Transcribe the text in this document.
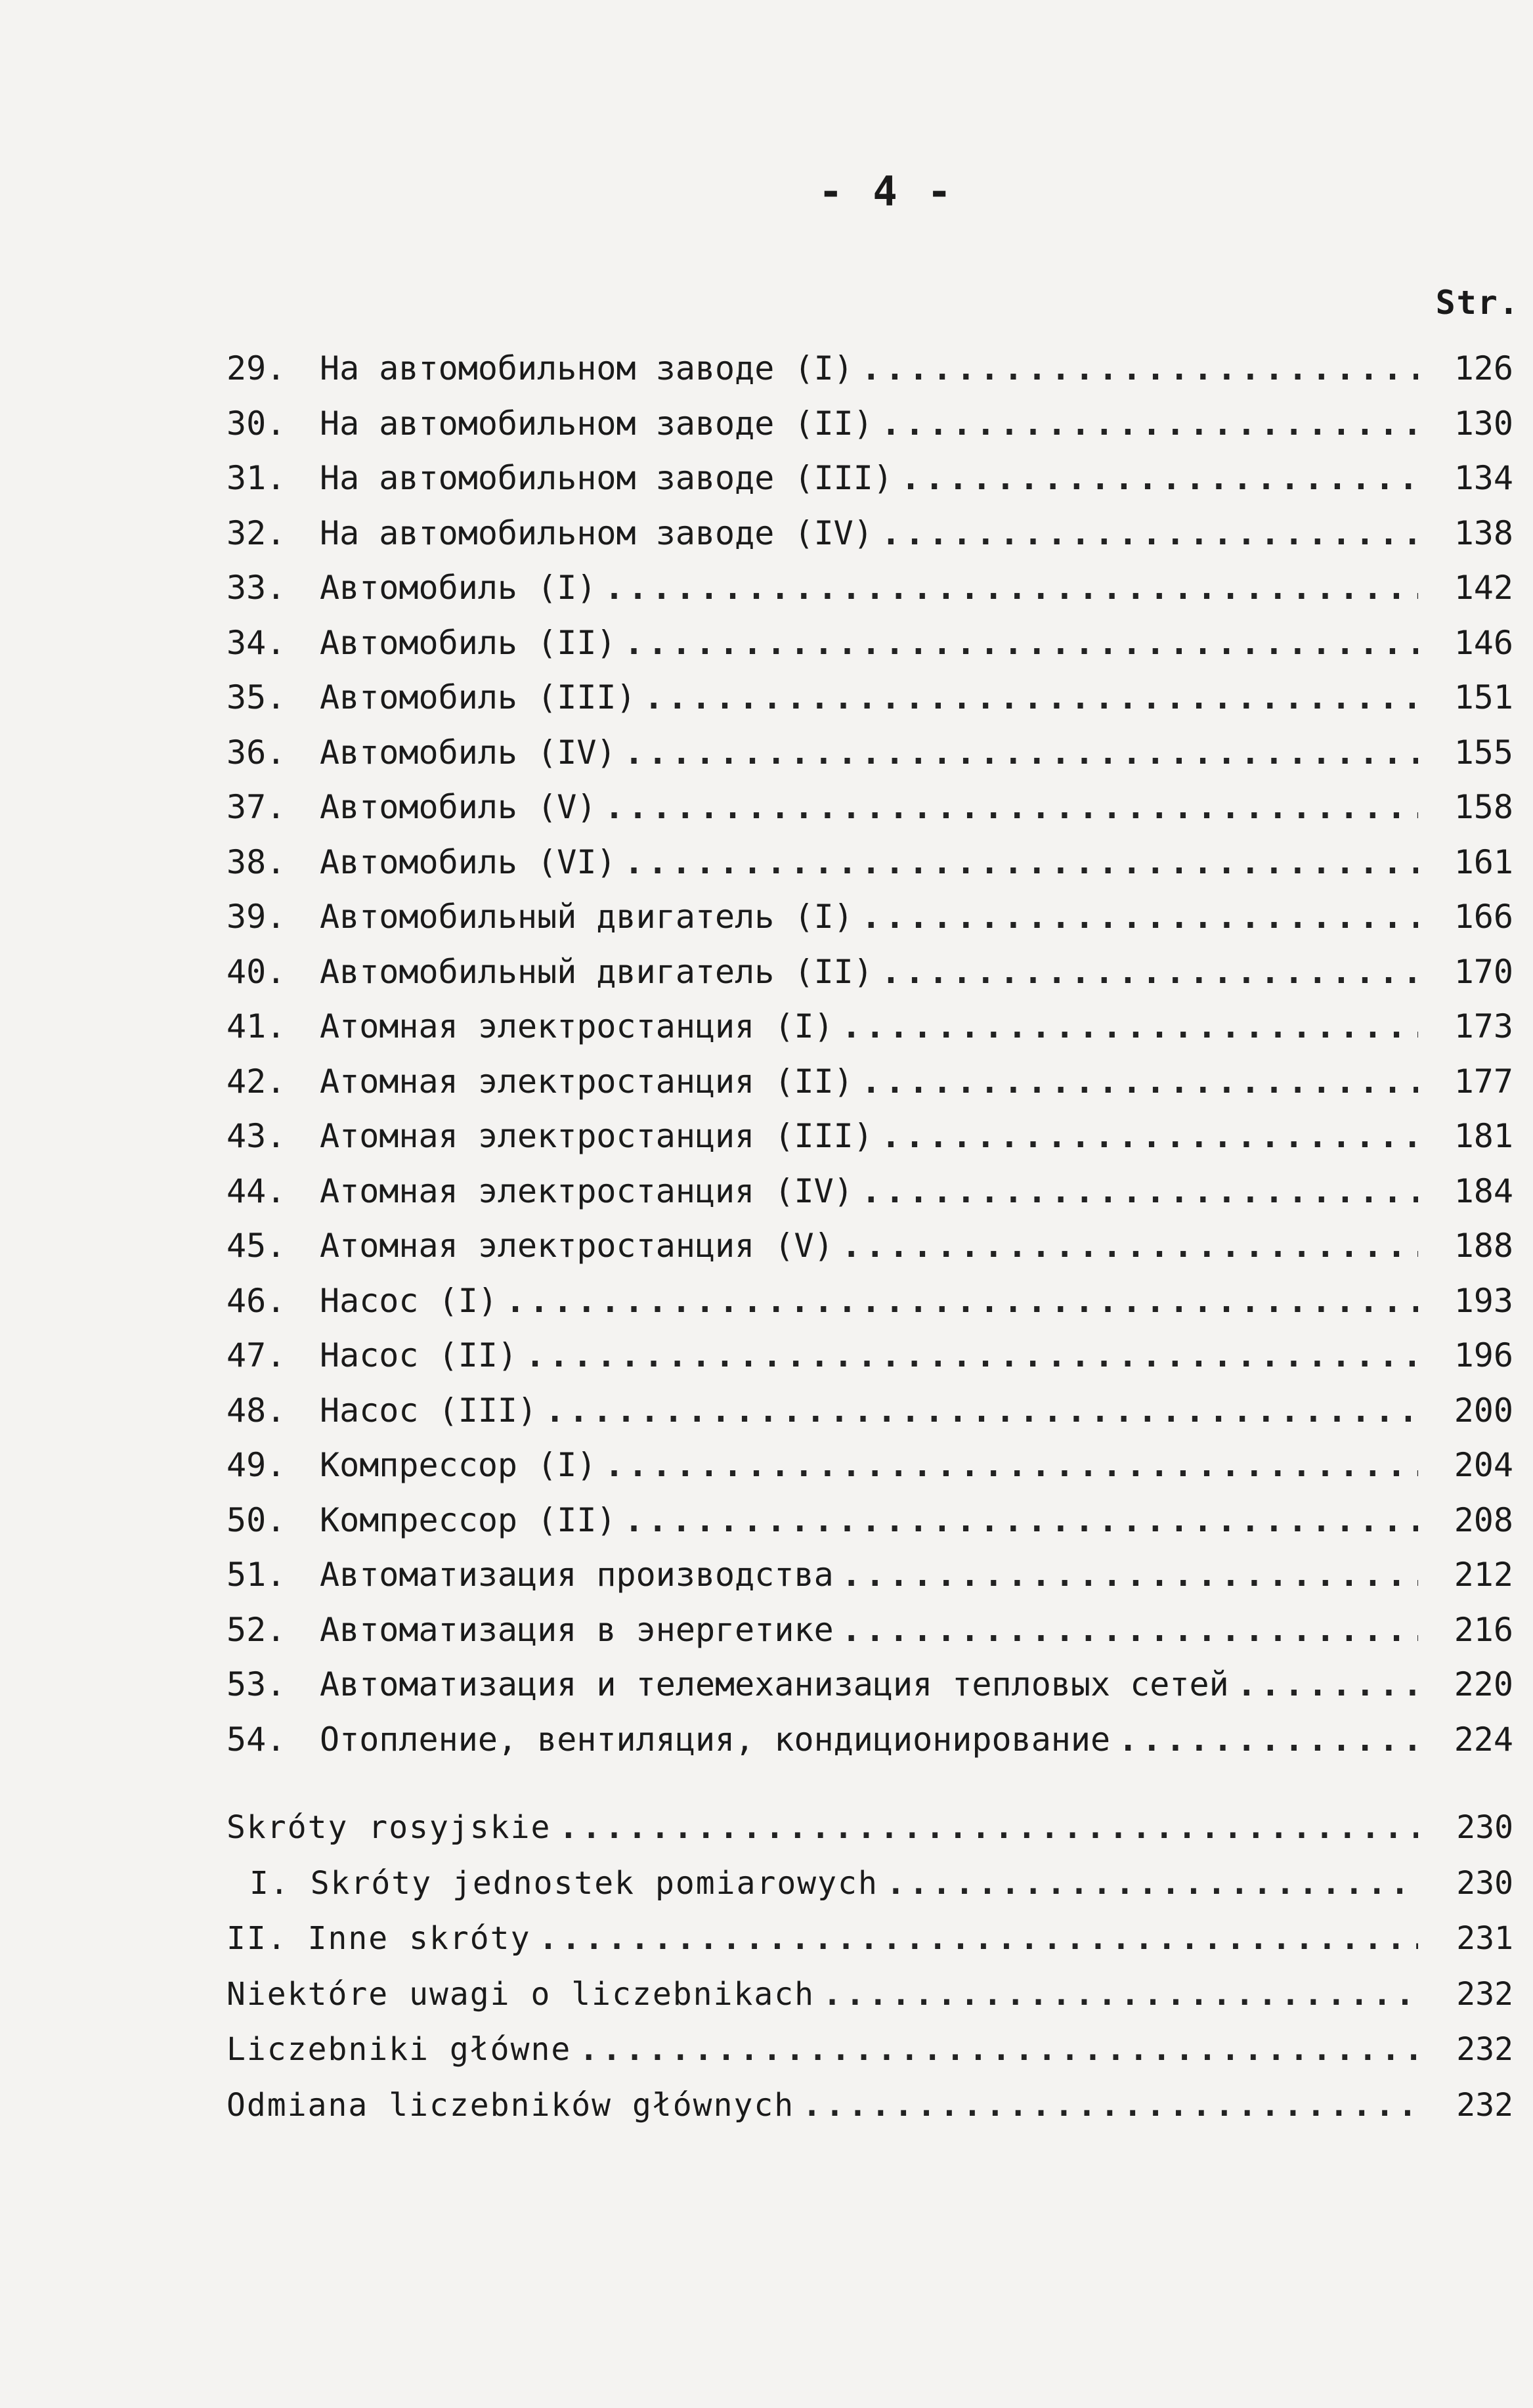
- 4 -
Str.
29.	На автомобильном заводе (I) .....	126
30.	На автомобильном заводе (II) .....	130
31.	На автомобильном заводе (III) .....	134
32.	На автомобильном заводе (IV) .....	138
33.	Автомобиль (I) .....	142
34.	Автомобиль (II) .....	146
35.	Автомобиль (III) .....	151
36.	Автомобиль (IV) .....	155
37.	Автомобиль (V) .....	158
38.	Автомобиль (VI) .....	161
39.	Автомобильный двигатель (I) .....	166
40.	Автомобильный двигатель (II) .....	170
41.	Атомная электростанция (I) .....	173
42.	Атомная электростанция (II) .....	177
43.	Атомная электростанция (III) .....	181
44.	Атомная электростанция (IV) .....	184
45.	Атомная электростанция (V) .....	188
46.	Насос (I) .....	193
47.	Насос (II) .....	196
48.	Насос (III) .....	200
49.	Компрессор (I) .....	204
50.	Компрессор (II) .....	208
51.	Автоматизация производства .....	212
52.	Автоматизация в энергетике .....	216
53.	Автоматизация и телемеханизация тепловых сетей .....	220
54.	Отопление, вентиляция, кондиционирование .....	224
Skróty rosyjskie .....	230
I. Skróty jednostek pomiarowych .....	230
II. Inne skróty .....	231
Niektóre uwagi o liczebnikach .....	232
Liczebniki główne .....	232
Odmiana liczebników głównych .....	232
